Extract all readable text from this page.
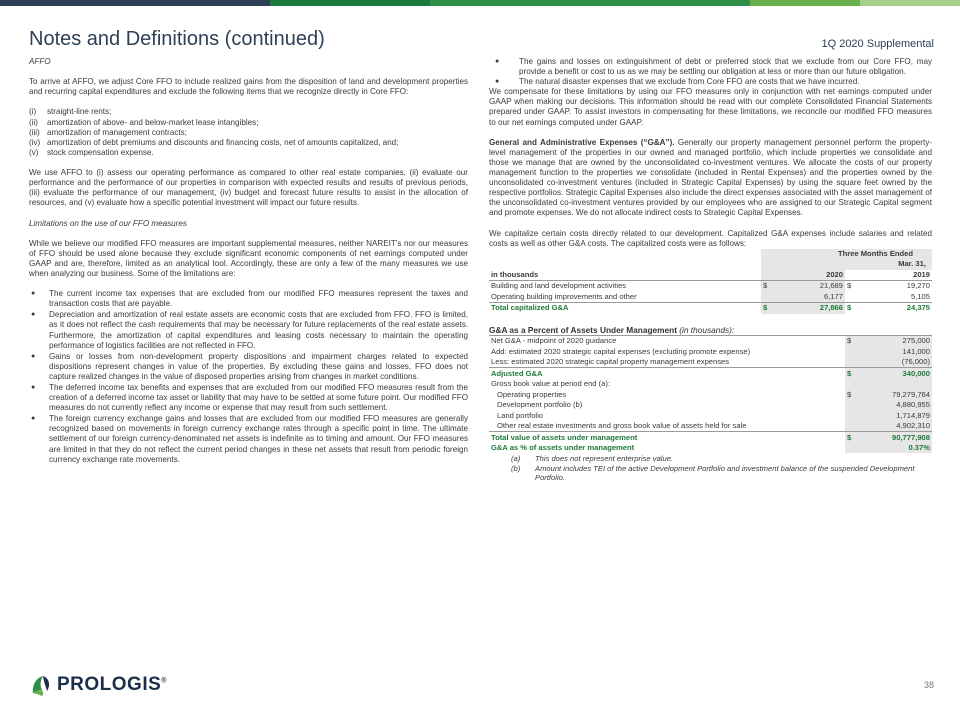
Notes and Definitions (continued)	1Q 2020 Supplemental
AFFO
To arrive at AFFO, we adjust Core FFO to include realized gains from the disposition of land and development properties and recurring capital expenditures and exclude the following items that we recognize directly in Core FFO:
(i)	straight-line rents;
(ii)	amortization of above- and below-market lease intangibles;
(iii) amortization of management contracts;
(iv) amortization of debt premiums and discounts and financing costs, net of amounts capitalized, and;
(v)	stock compensation expense.
We use AFFO to (i) assess our operating performance as compared to other real estate companies, (ii) evaluate our performance and the performance of our properties in comparison with expected results and results of previous periods, (iii) evaluate the performance of our management, (iv) budget and forecast future results to assist in the allocation of resources, and (v) evaluate how a specific potential investment will impact our future results.
Limitations on the use of our FFO measures
While we believe our modified FFO measures are important supplemental measures, neither NAREIT's nor our measures of FFO should be used alone because they exclude significant economic components of net earnings computed under GAAP and are, therefore, limited as an analytical tool. Accordingly, these are only a few of the many measures we use when analyzing our business. Some of the limitations are:
●	The current income tax expenses that are excluded from our modified FFO measures represent the taxes and transaction costs that are payable.
●	Depreciation and amortization of real estate assets are economic costs that are excluded from FFO. FFO is limited, as it does not reflect the cash requirements that may be necessary for future replacements of the real estate assets. Furthermore, the amortization of capital expenditures and leasing costs necessary to maintain the operating performance of logistics facilities are not reflected in FFO.
●	Gains or losses from non-development property dispositions and impairment charges related to expected dispositions represent changes in value of the properties. By excluding these gains and losses, FFO does not capture realized changes in the value of disposed properties arising from changes in market conditions.
●	The deferred income tax benefits and expenses that are excluded from our modified FFO measures result from the creation of a deferred income tax asset or liability that may have to be settled at some future point. Our modified FFO measures do not currently reflect any income or expense that may result from such settlement.
●	The foreign currency exchange gains and losses that are excluded from our modified FFO measures are generally recognized based on movements in foreign currency exchange rates through a specific point in time. The ultimate settlement of our foreign currency-denominated net assets is indefinite as to timing and amount. Our FFO measures are limited in that they do not reflect the current period changes in these net assets that result from periodic foreign currency exchange rate movements.
●	The gains and losses on extinguishment of debt or preferred stock that we exclude from our Core FFO, may provide a benefit or cost to us as we may be settling our obligation at less or more than our future obligation.
●	The natural disaster expenses that we exclude from Core FFO are costs that we have incurred.
We compensate for these limitations by using our FFO measures only in conjunction with net earnings computed under GAAP when making our decisions. This information should be read with our complete Consolidated Financial Statements prepared under GAAP. To assist investors in compensating for these limitations, we reconcile our modified FFO measures to our net earnings computed under GAAP.
General and Administrative Expenses (“G&A”). Generally our property management personnel perform the property-level management of the properties in our owned and managed portfolio, which include properties we consolidate and those we manage that are owned by the unconsolidated co-investment ventures. We allocate the costs of our property management function to the properties we consolidate (included in Rental Expenses) and the properties owned by the unconsolidated co-investment ventures (included in Strategic Capital Expenses) by using the square feet owned by the respective portfolios. Strategic Capital Expenses also include the direct expenses associated with the asset management of the unconsolidated co-investment ventures provided by our employees who are assigned to our Strategic Capital segment and promote expenses. We do not allocate indirect costs to Strategic Capital Expenses.
We capitalize certain costs directly related to our development. Capitalized G&A expenses include salaries and related costs as well as other G&A costs. The capitalized costs were as follows:
	Three Months Ended			
	Mar. 31,			
in thousands		2020		2019
Building and land development activities	$	21,689	$	19,270
Operating building improvements and other		6,177		5,105
Total capitalized G&A	$	27,866	$	24,375
G&A as a Percent of Assets Under Management (in thousands):
Net G&A - midpoint of 2020 guidance	$	275,000
Add: estimated 2020 strategic capital expenses (excluding promote expense)		141,000
Less: estimated 2020 strategic capital property management expenses		(76,000)
Adjusted G&A	$	340,000
Gross book value at period end (a):		
Operating properties	$	79,279,764
Development portfolio (b)		4,880,955
Land portfolio		1,714,879
Other real estate investments and gross book value of assets held for sale		4,902,310
Total value of assets under management	$	90,777,908
G&A as % of assets under management		0.37%
(a)	This does not represent enterprise value.
(b)	Amount includes TEI of the active Development Portfolio and investment balance of the suspended Development Portfolio.
PROLOGIS®	38
